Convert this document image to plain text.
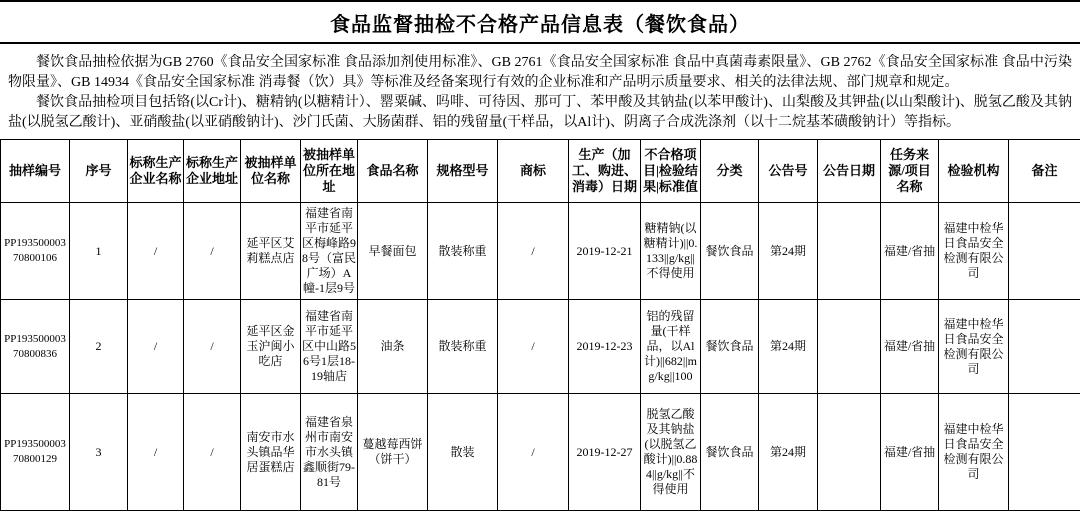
食品监督抽检不合格产品信息表（餐饮食品）

餐饮食品抽检依据为GB 2760《食品安全国家标准 食品添加剂使用标准》、GB 2761《食品安全国家标准 食品中真菌毒素限量》、GB 2762《食品安全国家标准 食品中污染物限量》、GB 14934《食品安全国家标准 消毒餐（饮）具》等标准及经备案现行有效的企业标准和产品明示质量要求、相关的法律法规、部门规章和规定。

餐饮食品抽检项目包括铬(以Cr计)、糖精钠(以糖精计）、罂粟碱、吗啡、可待因、那可丁、苯甲酸及其钠盐(以苯甲酸计)、山梨酸及其钾盐(以山梨酸计)、脱氢乙酸及其钠盐(以脱氢乙酸计)、亚硝酸盐(以亚硝酸钠计)、沙门氏菌、大肠菌群、铝的残留量(干样品，以Al计)、阴离子合成洗涤剂（以十二烷基苯磺酸钠计）等指标。

抽样编号	序号	标称生产企业名称	标称生产企业地址	被抽样单位名称	被抽样单位所在地址	食品名称	规格型号	商标	生产（加工、购进、消毒）日期	不合格项目|检验结果|标准值	分类	公告号	公告日期	任务来源/项目名称	检验机构	备注
PP19350000370800106	1	/	/	延平区艾莉糕点店	福建省南平市延平区梅峰路98号（富民广场）A幢-1层9号	早餐面包	散装称重	/	2019-12-21	糖精钠(以糖精计)||0.133||g/kg||不得使用	餐饮食品	第24期		福建/省抽	福建中检华日食品安全检测有限公司	
PP19350000370800836	2	/	/	延平区金玉沪闽小吃店	福建省南平市延平区中山路56号1层18-19轴店	油条	散装称重	/	2019-12-23	铝的残留量(干样品，以Al计)||682||mg/kg||100	餐饮食品	第24期		福建/省抽	福建中检华日食品安全检测有限公司	
PP19350000370800129	3	/	/	南安市水头镇品华居蛋糕店	福建省泉州市南安市水头镇鑫顺街79-81号	蔓越莓西饼（饼干）	散装	/	2019-12-27	脱氢乙酸及其钠盐(以脱氢乙酸计)||0.884||g/kg||不得使用	餐饮食品	第24期		福建/省抽	福建中检华日食品安全检测有限公司	
